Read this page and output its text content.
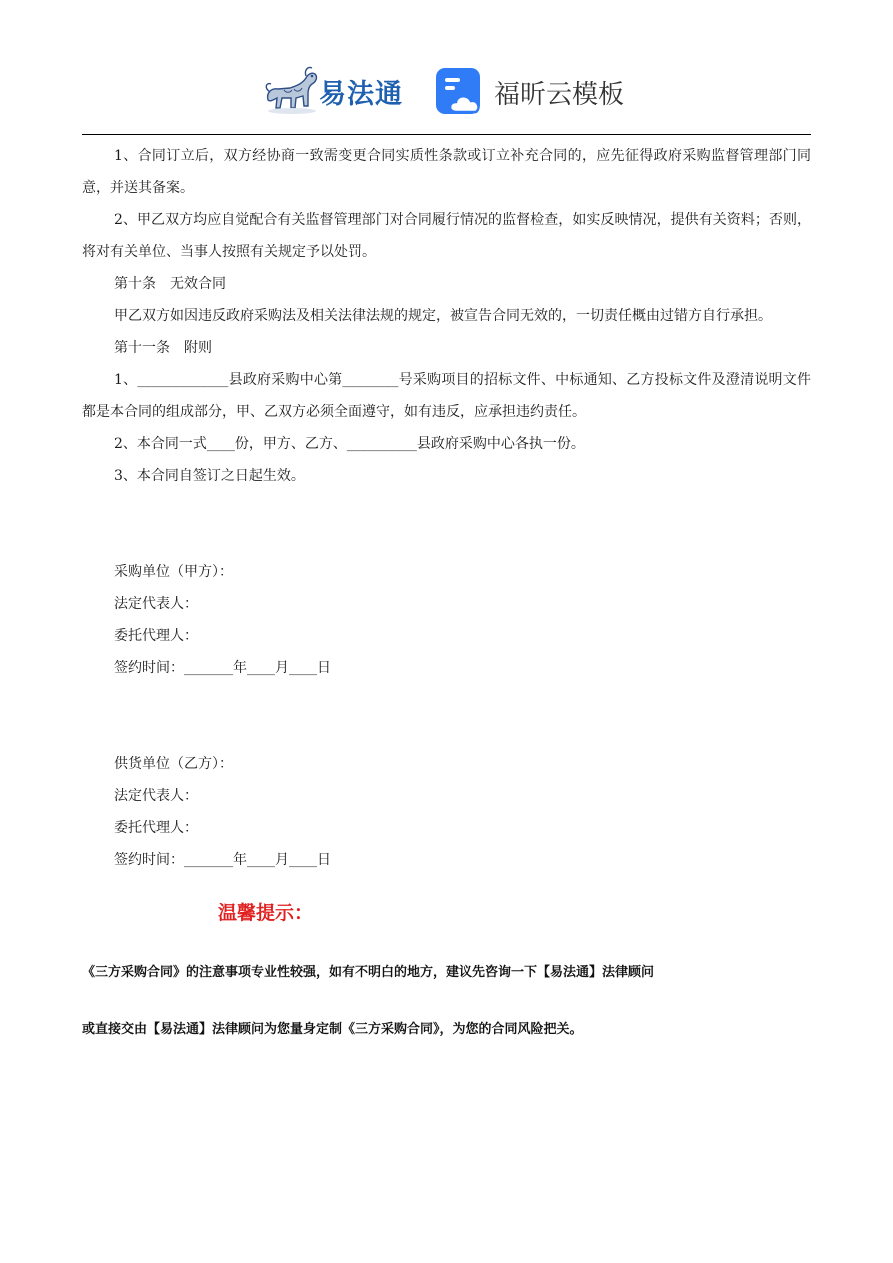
易法通	福昕云模板

1、合同订立后，双方经协商一致需变更合同实质性条款或订立补充合同的，应先征得政府采购监督管理部门同意，并送其备案。

2、甲乙双方均应自觉配合有关监督管理部门对合同履行情况的监督检查，如实反映情况，提供有关资料；否则，将对有关单位、当事人按照有关规定予以处罚。

第十条　无效合同

甲乙双方如因违反政府采购法及相关法律法规的规定，被宣告合同无效的，一切责任概由过错方自行承担。

第十一条　附则

1、_____________县政府采购中心第________号采购项目的招标文件、中标通知、乙方投标文件及澄清说明文件都是本合同的组成部分，甲、乙双方必须全面遵守，如有违反，应承担违约责任。

2、本合同一式____份，甲方、乙方、__________县政府采购中心各执一份。

3、本合同自签订之日起生效。

采购单位（甲方）：

法定代表人：

委托代理人：

签约时间：_______年____月____日

供货单位（乙方）：

法定代表人：

委托代理人：

签约时间：_______年____月____日

温馨提示：
《三方采购合同》的注意事项专业性较强，如有不明白的地方，建议先咨询一下【易法通】法律顾问
或直接交由【易法通】法律顾问为您量身定制《三方采购合同》，为您的合同风险把关。
